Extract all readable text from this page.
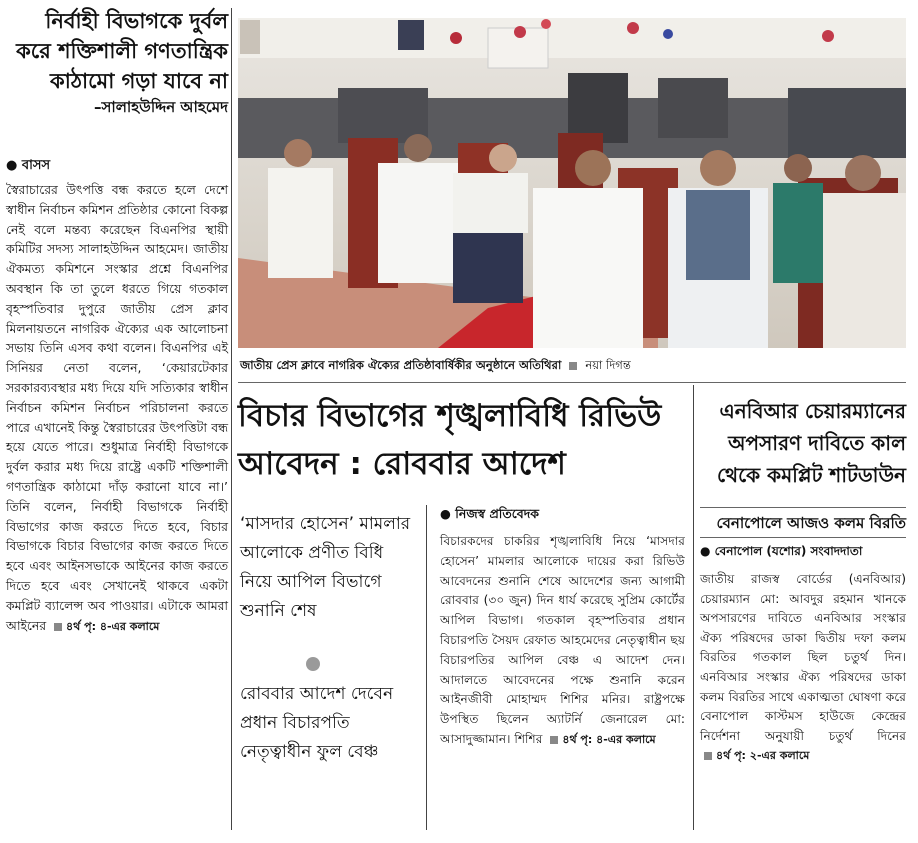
নির্বাহী বিভাগকে দুর্বল করে শক্তিশালী গণতান্ত্রিক কাঠামো গড়া যাবে না
–সালাহউদ্দিন আহমেদ
● বাসস
স্বৈরাচারের উৎপত্তি বন্ধ করতে হলে দেশে স্বাধীন নির্বাচন কমিশন প্রতিষ্ঠার কোনো বিকল্প নেই বলে মন্তব্য করেছেন বিএনপির স্থায়ী কমিটির সদস্য সালাহউদ্দিন আহমেদ। জাতীয় ঐকমত্য কমিশনে সংস্কার প্রশ্নে বিএনপির অবস্থান কি তা তুলে ধরতে গিয়ে গতকাল বৃহস্পতিবার দুপুরে জাতীয় প্রেস ক্লাব মিলনায়তনে নাগরিক ঐক্যের এক আলোচনা সভায় তিনি এসব কথা বলেন। বিএনপির এই সিনিয়র নেতা বলেন, ‘কেয়ারটেকার সরকারব্যবস্থার মধ্য দিয়ে যদি সত্যিকার স্বাধীন নির্বাচন কমিশন নির্বাচন পরিচালনা করতে পারে এখানেই কিন্তু স্বৈরাচারের উৎপত্তিটা বন্ধ হয়ে যেতে পারে। শুধুমাত্র নির্বাহী বিভাগকে দুর্বল করার মধ্য দিয়ে রাষ্ট্রে একটি শক্তিশালী গণতান্ত্রিক কাঠামো দাঁড় করানো যাবে না।’ তিনি বলেন, নির্বাহী বিভাগকে নির্বাহী বিভাগের কাজ করতে দিতে হবে, বিচার বিভাগকে বিচার বিভাগের কাজ করতে দিতে হবে এবং আইনসভাকে আইনের কাজ করতে দিতে হবে এবং সেখানেই থাকবে একটা কমপ্লিট ব্যালেন্স অব পাওয়ার। এটাকে আমরা আইনের ৪র্থ পৃ: ৪-এর কলামে
জাতীয় প্রেস ক্লাবে নাগরিক ঐক্যের প্রতিষ্ঠাবার্ষিকীর অনুষ্ঠানে অতিথিরা নয়া দিগন্ত
বিচার বিভাগের শৃঙ্খলাবিধি রিভিউ
আবেদন : রোববার আদেশ
‘মাসদার হোসেন’ মামলার আলোকে প্রণীত বিধি নিয়ে আপিল বিভাগে শুনানি শেষ
রোববার আদেশ দেবেন প্রধান বিচারপতি নেতৃত্বাধীন ফুল বেঞ্চ
● নিজস্ব প্রতিবেদক
বিচারকদের চাকরির শৃঙ্খলাবিধি নিয়ে ‘মাসদার হোসেন’ মামলার আলোকে দায়ের করা রিভিউ আবেদনের শুনানি শেষে আদেশের জন্য আগামী রোববার (৩০ জুন) দিন ধার্য করেছে সুপ্রিম কোর্টের আপিল বিভাগ। গতকাল বৃহস্পতিবার প্রধান বিচারপতি সৈয়দ রেফাত আহমেদের নেতৃত্বাধীন ছয় বিচারপতির আপিল বেঞ্চ এ আদেশ দেন। আদালতে আবেদনের পক্ষে শুনানি করেন আইনজীবী মোহাম্মদ শিশির মনির। রাষ্ট্রপক্ষে উপস্থিত ছিলেন অ্যাটর্নি জেনারেল মো: আসাদুজ্জামান। শিশির ৪র্থ পৃ: ৪-এর কলামে
এনবিআর চেয়ারম্যানের অপসারণ দাবিতে কাল থেকে কমপ্লিট শাটডাউন
বেনাপোলে আজও কলম বিরতি
● বেনাপোল (যশোর) সংবাদদাতা
জাতীয় রাজস্ব বোর্ডের (এনবিআর) চেয়ারম্যান মো: আবদুর রহমান খানকে অপসারণের দাবিতে এনবিআর সংস্কার ঐক্য পরিষদের ডাকা দ্বিতীয় দফা কলম বিরতির গতকাল ছিল চতুর্থ দিন। এনবিআর সংস্কার ঐক্য পরিষদের ডাকা কলম বিরতির সাথে একাত্মতা ঘোষণা করে বেনাপোল কাস্টমস হাউজে কেন্দ্রের নির্দেশনা অনুযায়ী চতুর্থ দিনের ৪র্থ পৃ: ২-এর কলামে
